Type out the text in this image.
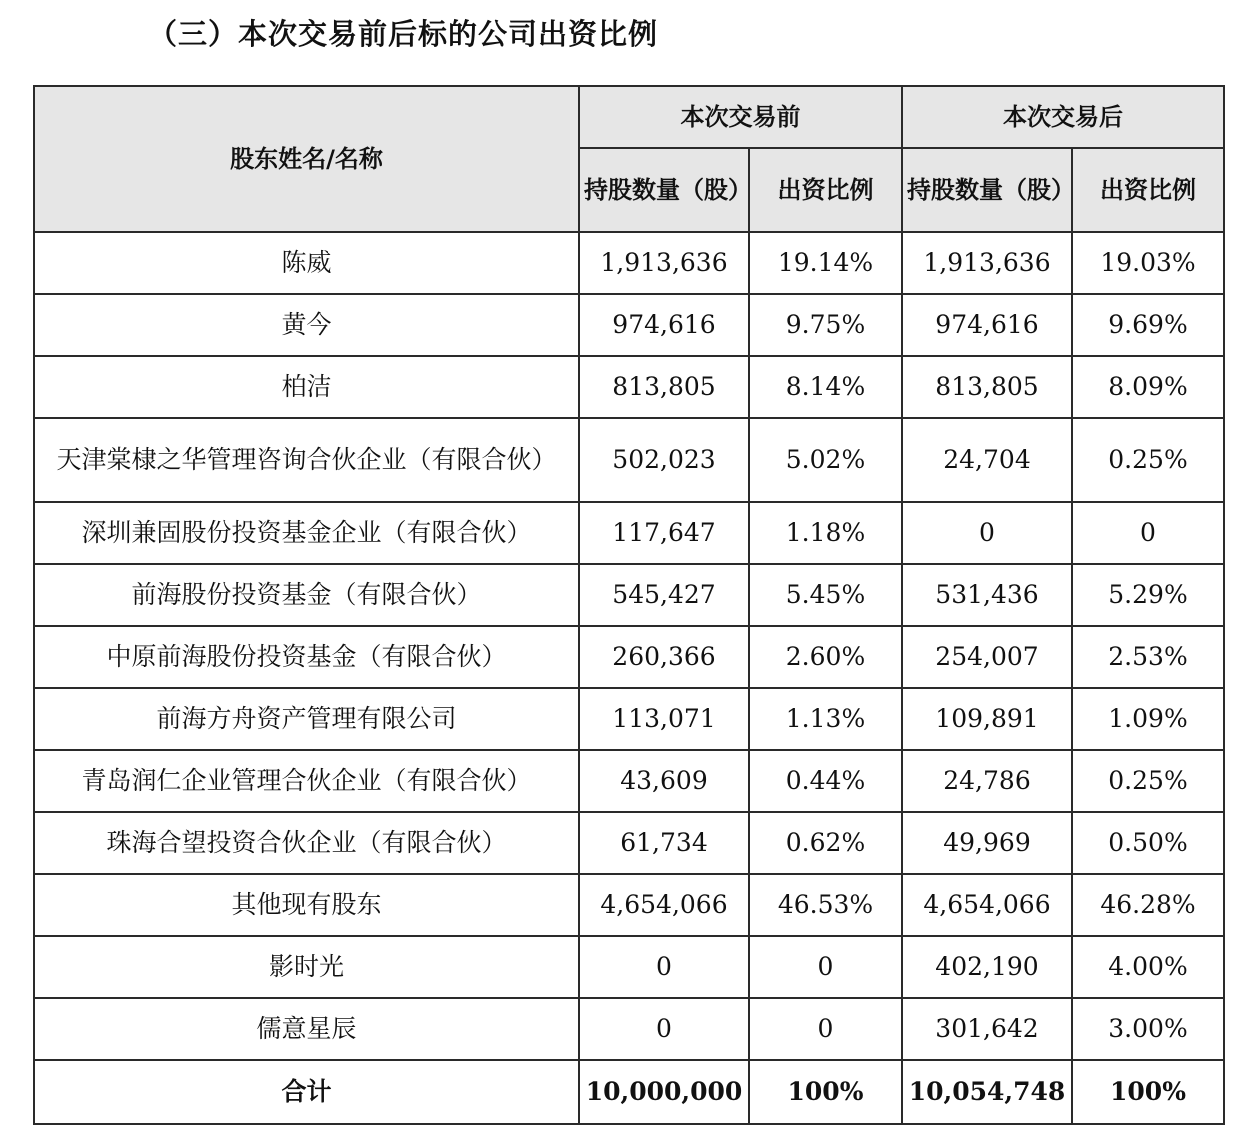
（三）本次交易前后标的公司出资比例
股东姓名/名称	本次交易前		本次交易后	
	持股数量（股）	出资比例	持股数量（股）	出资比例
陈威	1,913,636	19.14%	1,913,636	19.03%
黄今	974,616	9.75%	974,616	9.69%
柏洁	813,805	8.14%	813,805	8.09%
天津棠棣之华管理咨询合伙企业（有限合伙）	502,023	5.02%	24,704	0.25%
深圳兼固股份投资基金企业（有限合伙）	117,647	1.18%	0	0
前海股份投资基金（有限合伙）	545,427	5.45%	531,436	5.29%
中原前海股份投资基金（有限合伙）	260,366	2.60%	254,007	2.53%
前海方舟资产管理有限公司	113,071	1.13%	109,891	1.09%
青岛润仁企业管理合伙企业（有限合伙）	43,609	0.44%	24,786	0.25%
珠海合望投资合伙企业（有限合伙）	61,734	0.62%	49,969	0.50%
其他现有股东	4,654,066	46.53%	4,654,066	46.28%
影时光	0	0	402,190	4.00%
儒意星辰	0	0	301,642	3.00%
合计	10,000,000	100%	10,054,748	100%
